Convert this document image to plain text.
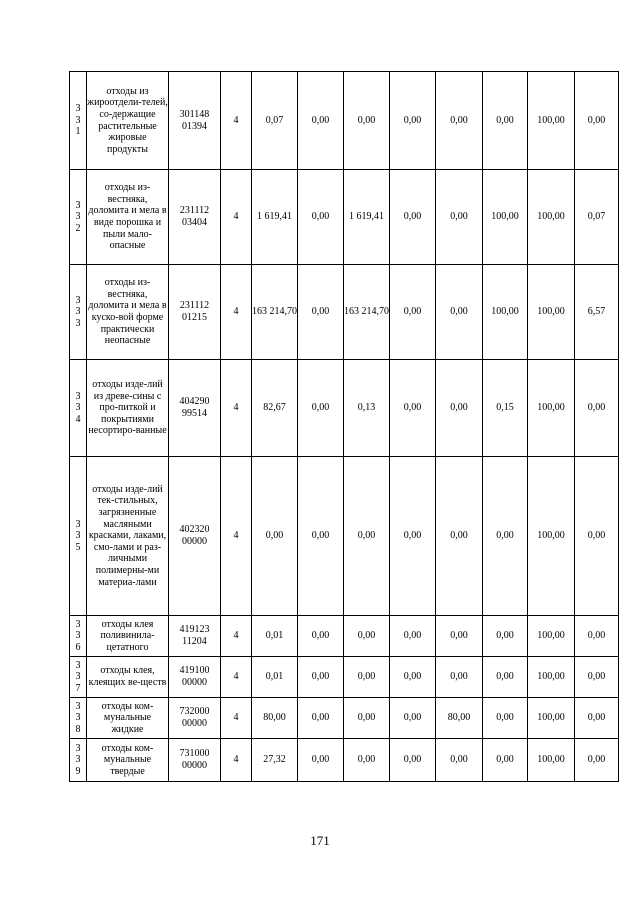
3
3
1	отходы из жироотдели-телей, со-держащие растительные жировые продукты	301148 01394	4	0,07	0,00	0,00	0,00	0,00	0,00	100,00	0,00

3
3
2	отходы из-вестняка, доломита и мела в виде порошка и пыли мало-опасные	231112 03404	4	1 619,41	0,00	1 619,41	0,00	0,00	100,00	100,00	0,07

3
3
3	отходы из-вестняка, доломита и мела в куско-вой форме практически неопасные	231112 01215	4	163 214,70	0,00	163 214,70	0,00	0,00	100,00	100,00	6,57

3
3
4	отходы изде-лий из древе-сины с про-питкой и покрытиями несортиро-ванные	404290 99514	4	82,67	0,00	0,13	0,00	0,00	0,15	100,00	0,00

3
3
5	отходы изде-лий тек-стильных, загрязненные масляными красками, лаками, смо-лами и раз-личными полимерны-ми материа-лами	402320 00000	4	0,00	0,00	0,00	0,00	0,00	0,00	100,00	0,00

3
3
6	отходы клея поливинила-цетатного	419123 11204	4	0,01	0,00	0,00	0,00	0,00	0,00	100,00	0,00

3
3
7	отходы клея, клеящих ве-ществ	419100 00000	4	0,01	0,00	0,00	0,00	0,00	0,00	100,00	0,00

3
3
8	отходы ком-мунальные жидкие	732000 00000	4	80,00	0,00	0,00	0,00	80,00	0,00	100,00	0,00

3
3
9	отходы ком-мунальные твердые	731000 00000	4	27,32	0,00	0,00	0,00	0,00	0,00	100,00	0,00
171
